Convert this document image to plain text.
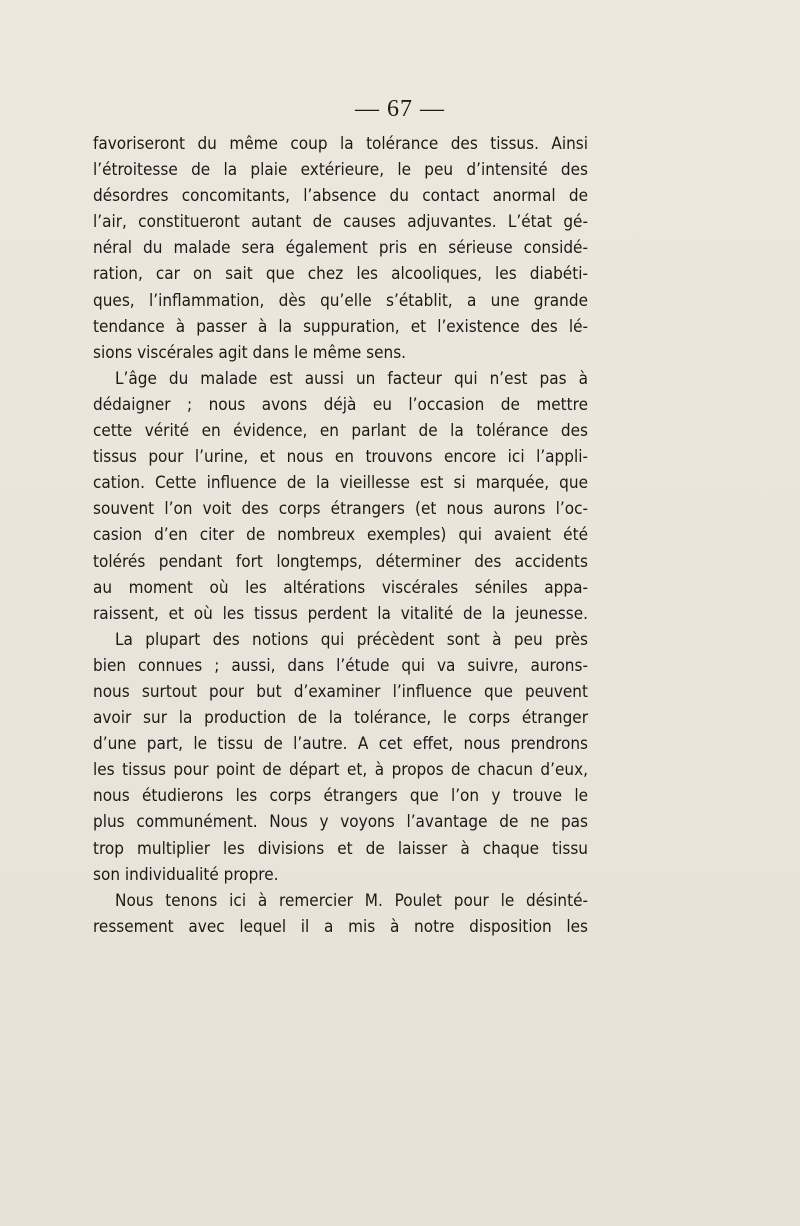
— 67 —
favoriseront du même coup la tolérance des tissus. Ainsi
l’étroitesse de la plaie extérieure, le peu d’intensité des
désordres concomitants, l’absence du contact anormal de
l’air, constitueront autant de causes adjuvantes. L’état gé-
néral du malade sera également pris en sérieuse considé-
ration, car on sait que chez les alcooliques, les diabéti-
ques, l’inflammation, dès qu’elle s’établit, a une grande
tendance à passer à la suppuration, et l’existence des lé-
sions viscérales agit dans le même sens.
L’âge du malade est aussi un facteur qui n’est pas à
dédaigner ; nous avons déjà eu l’occasion de mettre
cette vérité en évidence, en parlant de la tolérance des
tissus pour l’urine, et nous en trouvons encore ici l’appli-
cation. Cette influence de la vieillesse est si marquée, que
souvent l’on voit des corps étrangers (et nous aurons l’oc-
casion d’en citer de nombreux exemples) qui avaient été
tolérés pendant fort longtemps, déterminer des accidents
au moment où les altérations viscérales séniles appa-
raissent, et où les tissus perdent la vitalité de la jeunesse.
La plupart des notions qui précèdent sont à peu près
bien connues ; aussi, dans l’étude qui va suivre, aurons-
nous surtout pour but d’examiner l’influence que peuvent
avoir sur la production de la tolérance, le corps étranger
d’une part, le tissu de l’autre. A cet effet, nous prendrons
les tissus pour point de départ et, à propos de chacun d’eux,
nous étudierons les corps étrangers que l’on y trouve le
plus communément. Nous y voyons l’avantage de ne pas
trop multiplier les divisions et de laisser à chaque tissu
son individualité propre.
Nous tenons ici à remercier M. Poulet pour le désinté-
ressement avec lequel il a mis à notre disposition les
